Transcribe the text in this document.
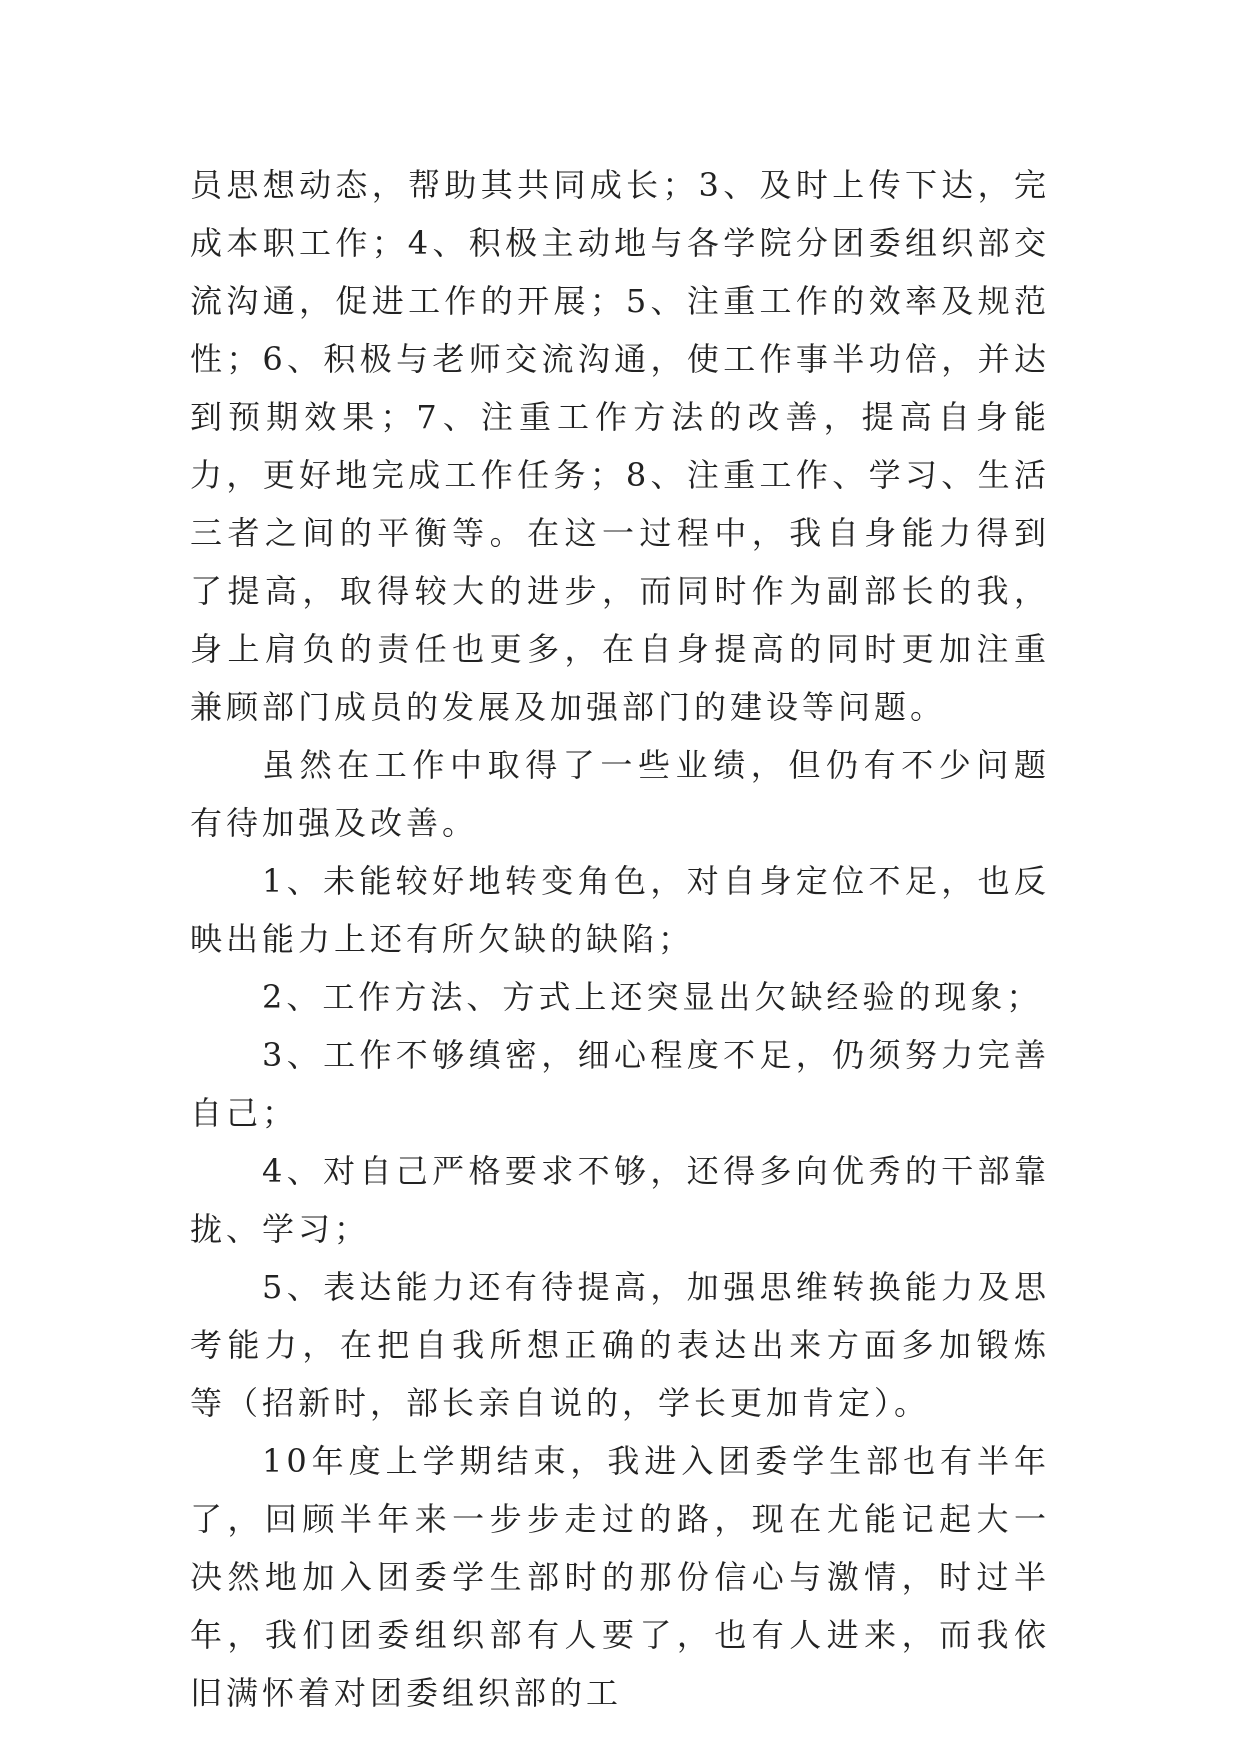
员思想动态，帮助其共同成长；3、及时上传下达，完成本职工作；4、积极主动地与各学院分团委组织部交流沟通，促进工作的开展；5、注重工作的效率及规范性；6、积极与老师交流沟通，使工作事半功倍，并达到预期效果；7、注重工作方法的改善，提高自身能力，更好地完成工作任务；8、注重工作、学习、生活三者之间的平衡等。在这一过程中，我自身能力得到了提高，取得较大的进步，而同时作为副部长的我，身上肩负的责任也更多，在自身提高的同时更加注重兼顾部门成员的发展及加强部门的建设等问题。

虽然在工作中取得了一些业绩，但仍有不少问题有待加强及改善。

1、未能较好地转变角色，对自身定位不足，也反映出能力上还有所欠缺的缺陷；

2、工作方法、方式上还突显出欠缺经验的现象；

3、工作不够缜密，细心程度不足，仍须努力完善自己；

4、对自己严格要求不够，还得多向优秀的干部靠拢、学习；

5、表达能力还有待提高，加强思维转换能力及思考能力，在把自我所想正确的表达出来方面多加锻炼等（招新时，部长亲自说的，学长更加肯定）。

10年度上学期结束，我进入团委学生部也有半年了，回顾半年来一步步走过的路，现在尤能记起大一决然地加入团委学生部时的那份信心与激情，时过半年，我们团委组织部有人要了，也有人进来，而我依旧满怀着对团委组织部的工
